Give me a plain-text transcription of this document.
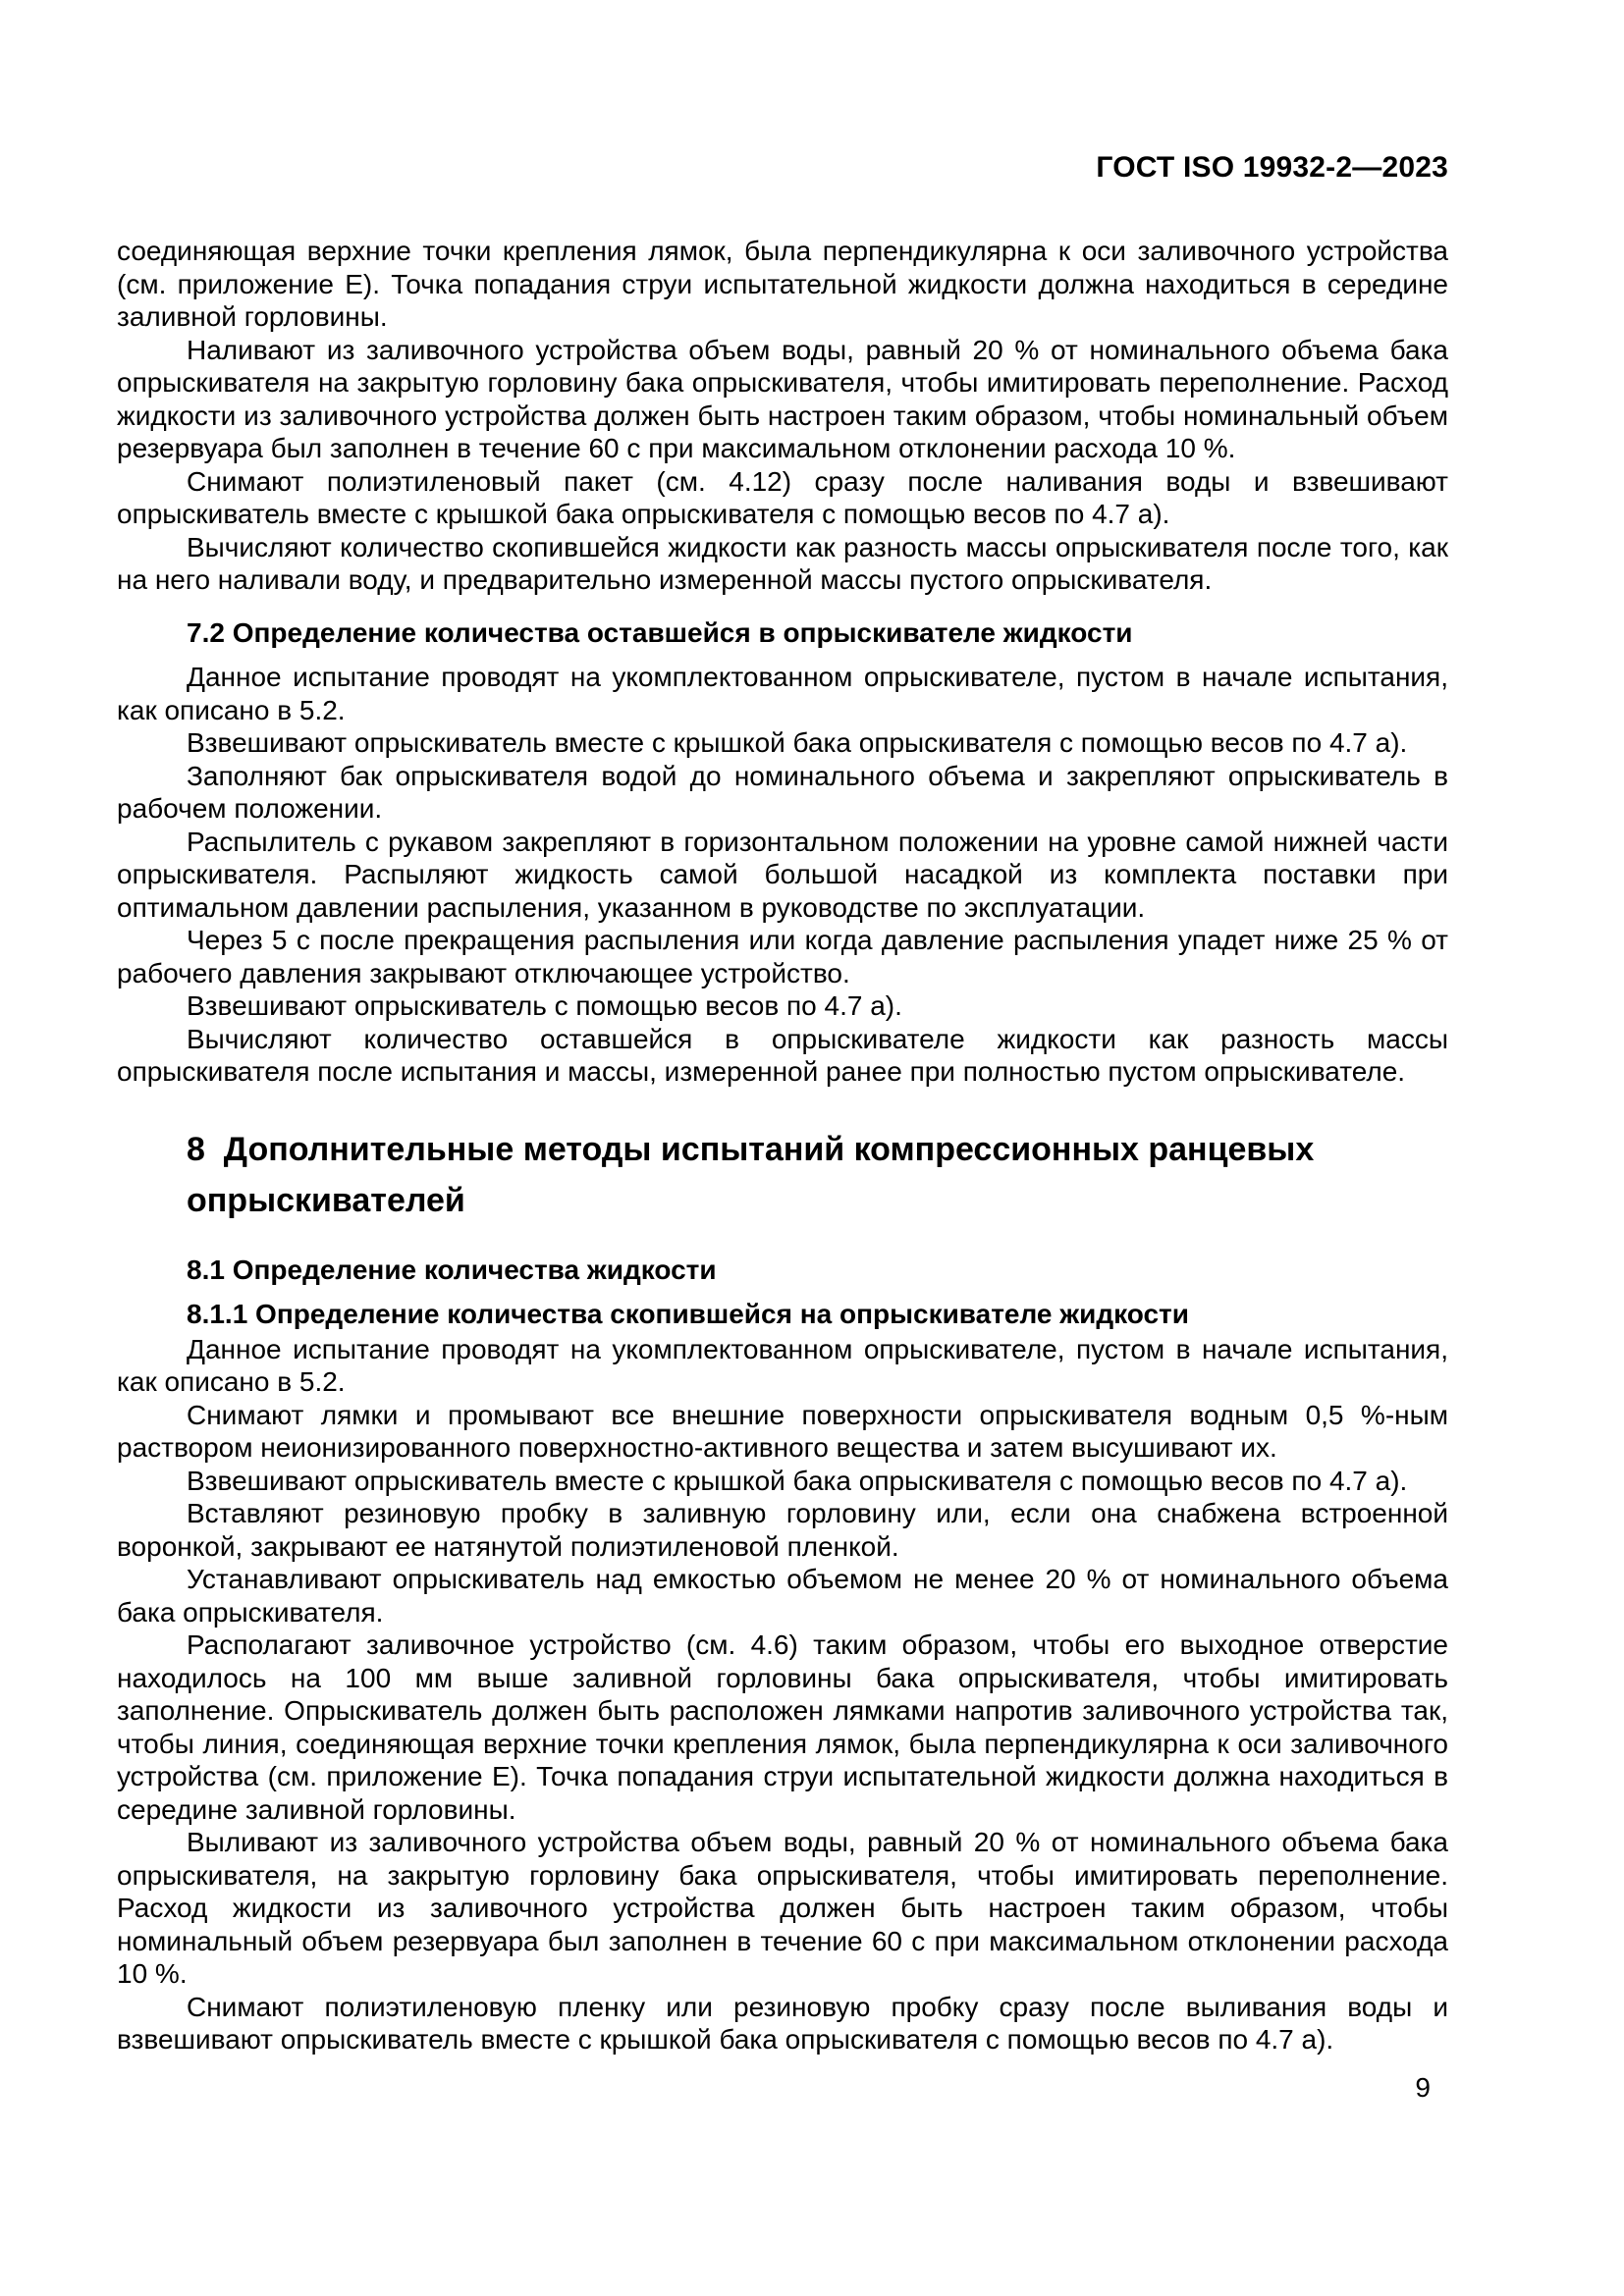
ГОСТ ISO 19932-2—2023

соединяющая верхние точки крепления лямок, была перпендикулярна к оси заливочного устройства (см. приложение Е). Точка попадания струи испытательной жидкости должна находиться в середине заливной горловины.

Наливают из заливочного устройства объем воды, равный 20 % от номинального объема бака опрыскивателя на закрытую горловину бака опрыскивателя, чтобы имитировать переполнение. Расход жидкости из заливочного устройства должен быть настроен таким образом, чтобы номинальный объем резервуара был заполнен в течение 60 с при максимальном отклонении расхода 10 %.

Снимают полиэтиленовый пакет (см. 4.12) сразу после наливания воды и взвешивают опрыскиватель вместе с крышкой бака опрыскивателя с помощью весов по 4.7 а).

Вычисляют количество скопившейся жидкости как разность массы опрыскивателя после того, как на него наливали воду, и предварительно измеренной массы пустого опрыскивателя.

7.2 Определение количества оставшейся в опрыскивателе жидкости

Данное испытание проводят на укомплектованном опрыскивателе, пустом в начале испытания, как описано в 5.2.

Взвешивают опрыскиватель вместе с крышкой бака опрыскивателя с помощью весов по 4.7 а).

Заполняют бак опрыскивателя водой до номинального объема и закрепляют опрыскиватель в рабочем положении.

Распылитель с рукавом закрепляют в горизонтальном положении на уровне самой нижней части опрыскивателя. Распыляют жидкость самой большой насадкой из комплекта поставки при оптимальном давлении распыления, указанном в руководстве по эксплуатации.

Через 5 с после прекращения распыления или когда давление распыления упадет ниже 25 % от рабочего давления закрывают отключающее устройство.

Взвешивают опрыскиватель с помощью весов по 4.7 а).

Вычисляют количество оставшейся в опрыскивателе жидкости как разность массы опрыскивателя после испытания и массы, измеренной ранее при полностью пустом опрыскивателе.

8  Дополнительные методы испытаний компрессионных ранцевых опрыскивателей
8.1 Определение количества жидкости
8.1.1 Определение количества скопившейся на опрыскивателе жидкости

Данное испытание проводят на укомплектованном опрыскивателе, пустом в начале испытания, как описано в 5.2.

Снимают лямки и промывают все внешние поверхности опрыскивателя водным 0,5 %-ным раствором неионизированного поверхностно-активного вещества и затем высушивают их.

Взвешивают опрыскиватель вместе с крышкой бака опрыскивателя с помощью весов по 4.7 а).

Вставляют резиновую пробку в заливную горловину или, если она снабжена встроенной воронкой, закрывают ее натянутой полиэтиленовой пленкой.

Устанавливают опрыскиватель над емкостью объемом не менее 20 % от номинального объема бака опрыскивателя.

Располагают заливочное устройство (см. 4.6) таким образом, чтобы его выходное отверстие находилось на 100 мм выше заливной горловины бака опрыскивателя, чтобы имитировать заполнение. Опрыскиватель должен быть расположен лямками напротив заливочного устройства так, чтобы линия, соединяющая верхние точки крепления лямок, была перпендикулярна к оси заливочного устройства (см. приложение Е). Точка попадания струи испытательной жидкости должна находиться в середине заливной горловины.

Выливают из заливочного устройства объем воды, равный 20 % от номинального объема бака опрыскивателя, на закрытую горловину бака опрыскивателя, чтобы имитировать переполнение. Расход жидкости из заливочного устройства должен быть настроен таким образом, чтобы номинальный объем резервуара был заполнен в течение 60 с при максимальном отклонении расхода 10 %.

Снимают полиэтиленовую пленку или резиновую пробку сразу после выливания воды и взвешивают опрыскиватель вместе с крышкой бака опрыскивателя с помощью весов по 4.7 а).

9
